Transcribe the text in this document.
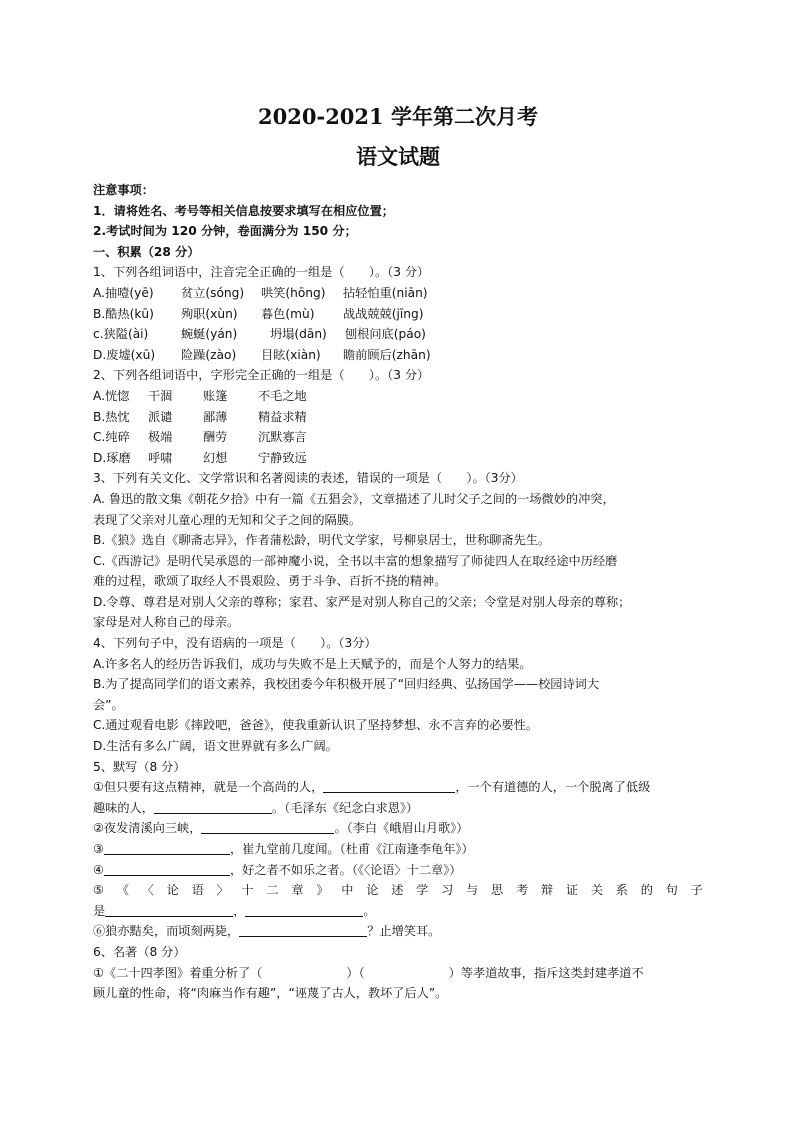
2020-2021 学年第二次月考
语文试题

注意事项：

1．请将姓名、考号等相关信息按要求填写在相应位置；

2.考试时间为 120 分钟，卷面满分为 150 分；

一、积累（28 分）

1、下列各组词语中，注音完全正确的一组是（　　）。（3 分）

A.抽噎(yē)	贫立(sóng)	哄笑(hōng)	拈轻怕重(niān)
B.酷热(kū)	殉职(xùn)	暮色(mù)	战战兢兢(jīng)
c.狭隘(ài)	蜿蜒(yán)	坍塌(dān)	刨根问底(páo)
D.废墟(xū)	险躁(zào)	目眩(xiàn)	瞻前顾后(zhān)

2、下列各组词语中，字形完全正确的一组是（　　）。（3 分）

A.恍惚	干涸	账篷	不毛之地
B.热忱	派谴	鄙薄	精益求精
C.纯碎	极端	酬劳	沉默寡言
D.琢磨	呼啸	幻想	宁静致远

3、下列有关文化、文学常识和名著阅读的表述，错误的一项是（　　）。（3分）

A. 鲁迅的散文集《朝花夕拾》中有一篇《五猖会》，文章描述了儿时父子之间的一场微妙的冲突，

表现了父亲对儿童心理的无知和父子之间的隔膜。

B.《狼》选自《聊斋志异》，作者蒲松龄，明代文学家，号柳泉居士，世称聊斋先生。

C.《西游记》是明代吴承恩的一部神魔小说，全书以丰富的想象描写了师徒四人在取经途中历经磨

难的过程，歌颂了取经人不畏艰险、勇于斗争、百折不挠的精神。

D.令尊、尊君是对别人父亲的尊称；家君、家严是对别人称自己的父亲；令堂是对别人母亲的尊称；

家母是对人称自己的母亲。

4、下列句子中，没有语病的一项是（　　）。（3分）

A.许多名人的经历告诉我们，成功与失败不是上天赋予的，而是个人努力的结果。

B.为了提高同学们的语文素养，我校团委今年积极开展了“回归经典、弘扬国学——校园诗词大

会”。

C.通过观看电影《摔跤吧，爸爸》，使我重新认识了坚持梦想、永不言弃的必要性。

D.生活有多么广阔，语文世界就有多么广阔。

5、默写（8 分）

①但只要有这点精神，就是一个高尚的人，	，一个有道德的人，一个脱离了低级

趣味的人，	。（毛泽东《纪念白求恩》）

②夜发清溪向三峡，	。（李白《峨眉山月歌》）

③	，崔九堂前几度闻。（杜甫《江南逢李龟年》）

④	，好之者不如乐之者。（《〈论语〉十二章》）

⑤ 《 〈 论 语 〉 十 二 章 》 中 论 述 学 习 与 思 考 辩 证 关 系 的 句 子

是	，	。

⑥狼亦黠矣，而顷刻两毙，	？止增笑耳。

6、名著（8 分）

①《二十四孝图》着重分析了（	）（	）等孝道故事，指斥这类封建孝道不

顾儿童的性命，将“肉麻当作有趣”，“诬蔑了古人，教坏了后人”。
